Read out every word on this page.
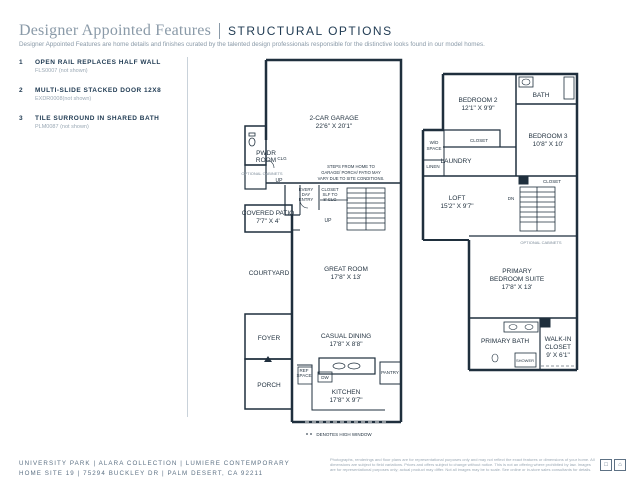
Designer Appointed Features STRUCTURAL OPTIONS
Designer Appointed Features are home details and finishes curated by the talented design professionals responsible for the distinctive looks found in our model homes.
1	OPEN RAIL REPLACES HALF WALL
FLS0007 (not shown)
2	MULTI-SLIDE STACKED DOOR 12X8
EXDR0008(not shown)
3	TILE SURROUND IN SHARED BATH
PLM0087 (not shown)
2-CAR GARAGE
22'6" X 20'1"
PWDR
ROOM CLG
OPTIONAL CABINETS
STEPS FROM HOME TO
GARAGE/ PORCH/ PATIO MAY
VARY DUE TO SITE CONDITIONS.
UP
EVERY
DAY
ENTRY
CLOSET
SLF TO
8' CLG
UP
COVERED PATIO
7'7" X 4'
COURTYARD
GREAT ROOM
17'8" X 13'
FOYER	CASUAL DINING
17'8" X 8'8"
PORCH
REF
SPACE DW
PANTRY
KITCHEN
17'8" X 9'7"
DENOTES HIGH WINDOW
BEDROOM 2
12'1" X 9'9"
BATH
BEDROOM 3
10'8" X 10'
CLOSET
W/D
SPACE
LINEN
LAUNDRY
CLOSET
LOFT
15'2" X 9'7"
DN
OPTIONAL CABINETS
PRIMARY
BEDROOM SUITE
17'8" X 13'
PRIMARY BATH WALK-IN
CLOSET
9' X 6'1"
SHOWER
UNIVERSITY PARK | ALARA COLLECTION | LUMIERE CONTEMPORARY
HOME SITE 19 | 75294 BUCKLEY DR | PALM DESERT, CA 92211
Photographs, renderings and floor plans are for representational purposes only and may not reflect the exact features or dimensions of your home. All dimensions are subject to field variations. Prices and offers subject to change without notice. This is not an offering where prohibited by law. Images are for representational purposes only; actual product may differ. Not all images may be to scale. See online or in-store sales consultants for details.
□	⌂
